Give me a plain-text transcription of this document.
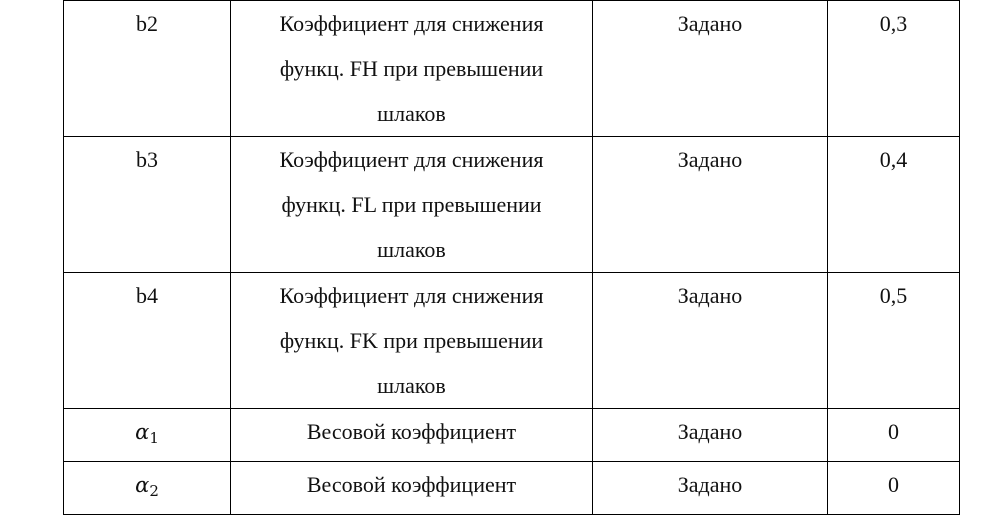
b2	Коэффициент для снижения
функц. FH при превышении
шлаков	Задано	0,3
b3	Коэффициент для снижения
функц. FL при превышении
шлаков	Задано	0,4
b4	Коэффициент для снижения
функц. FK при превышении
шлаков	Задано	0,5
$\alpha_1$	Весовой коэффициент	Задано	0
$\alpha_2$	Весовой коэффициент	Задано	0
